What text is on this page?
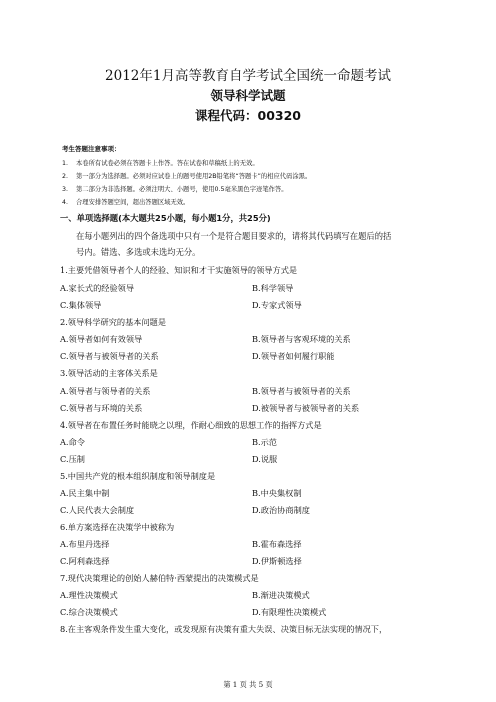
2012年1月高等教育自学考试全国统一命题考试
领导科学试题
课程代码：00320
考生答题注意事项：
1. 本卷所有试卷必须在答题卡上作答。答在试卷和草稿纸上的无效。
2. 第一部分为选择题。必须对应试卷上的题号使用2B铅笔将“答题卡”的相应代码涂黑。
3. 第二部分为非选择题。必须注明大、小题号，使用0.5毫米黑色字迹笔作答。
4. 合理安排答题空间，超出答题区域无效。
一、单项选择题(本大题共25小题，每小题1分，共25分)
在每小题列出的四个备选项中只有一个是符合题目要求的，请将其代码填写在题后的括
号内。错选、多选或未选均无分。
1.主要凭借领导者个人的经验、知识和才干实施领导的领导方式是
A.家长式的经验领导	B.科学领导
C.集体领导	D.专家式领导
2.领导科学研究的基本问题是
A.领导者如何有效领导	B.领导者与客观环境的关系
C.领导者与被领导者的关系	D.领导者如何履行职能
3.领导活动的主客体关系是
A.领导者与领导者的关系	B.领导者与被领导者的关系
C.领导者与环境的关系	D.被领导者与被领导者的关系
4.领导者在布置任务时能晓之以理，作耐心细致的思想工作的指挥方式是
A.命令	B.示范
C.压制	D.说服
5.中国共产党的根本组织制度和领导制度是
A.民主集中制	B.中央集权制
C.人民代表大会制度	D.政治协商制度
6.单方案选择在决策学中被称为
A.布里丹选择	B.霍布森选择
C.阿利森选择	D.伊斯顿选择
7.现代决策理论的创始人赫伯特·西蒙提出的决策模式是
A.理性决策模式	B.渐进决策模式
C.综合决策模式	D.有限理性决策模式
8.在主客观条件发生重大变化，或发现原有决策有重大失误、决策目标无法实现的情况下，
第 1 页 共 5 页
